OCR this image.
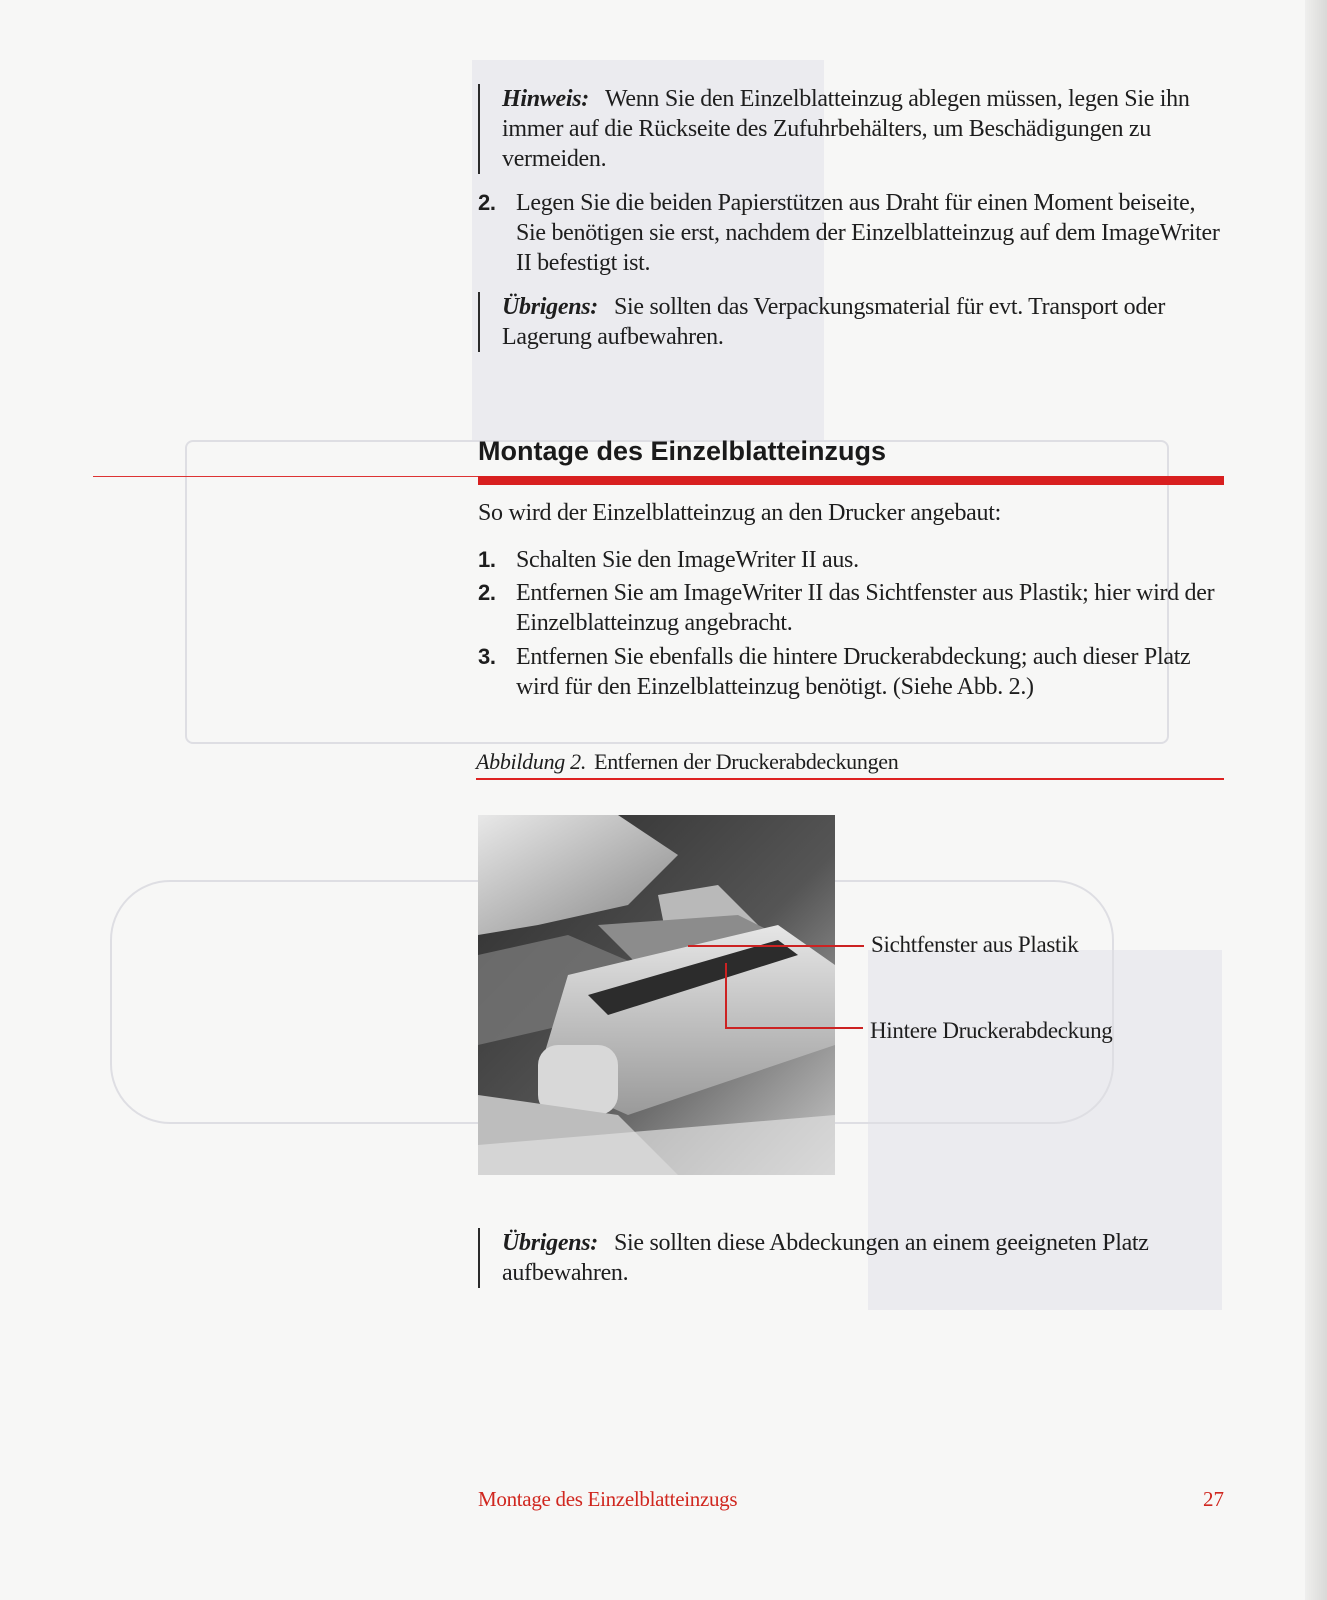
Hinweis: Wenn Sie den Einzelblatteinzug ablegen müssen, legen Sie ihn immer auf die Rückseite des Zufuhrbehälters, um Beschädigungen zu vermeiden.

2. Legen Sie die beiden Papierstützen aus Draht für einen Moment beiseite, Sie benötigen sie erst, nachdem der Einzelblatteinzug auf dem ImageWriter II befestigt ist.

Übrigens: Sie sollten das Verpackungsmaterial für evt. Transport oder Lagerung aufbewahren.

Montage des Einzelblatteinzugs

So wird der Einzelblatteinzug an den Drucker angebaut:

1. Schalten Sie den ImageWriter II aus.
2. Entfernen Sie am ImageWriter II das Sichtfenster aus Plastik; hier wird der Einzelblatteinzug angebracht.
3. Entfernen Sie ebenfalls die hintere Druckerabdeckung; auch dieser Platz wird für den Einzelblatteinzug benötigt. (Siehe Abb. 2.)

Abbildung 2. Entfernen der Druckerabdeckungen

Sichtfenster aus Plastik
Hintere Druckerabdeckung

Übrigens: Sie sollten diese Abdeckungen an einem geeigneten Platz aufbewahren.

Montage des Einzelblatteinzugs	27
